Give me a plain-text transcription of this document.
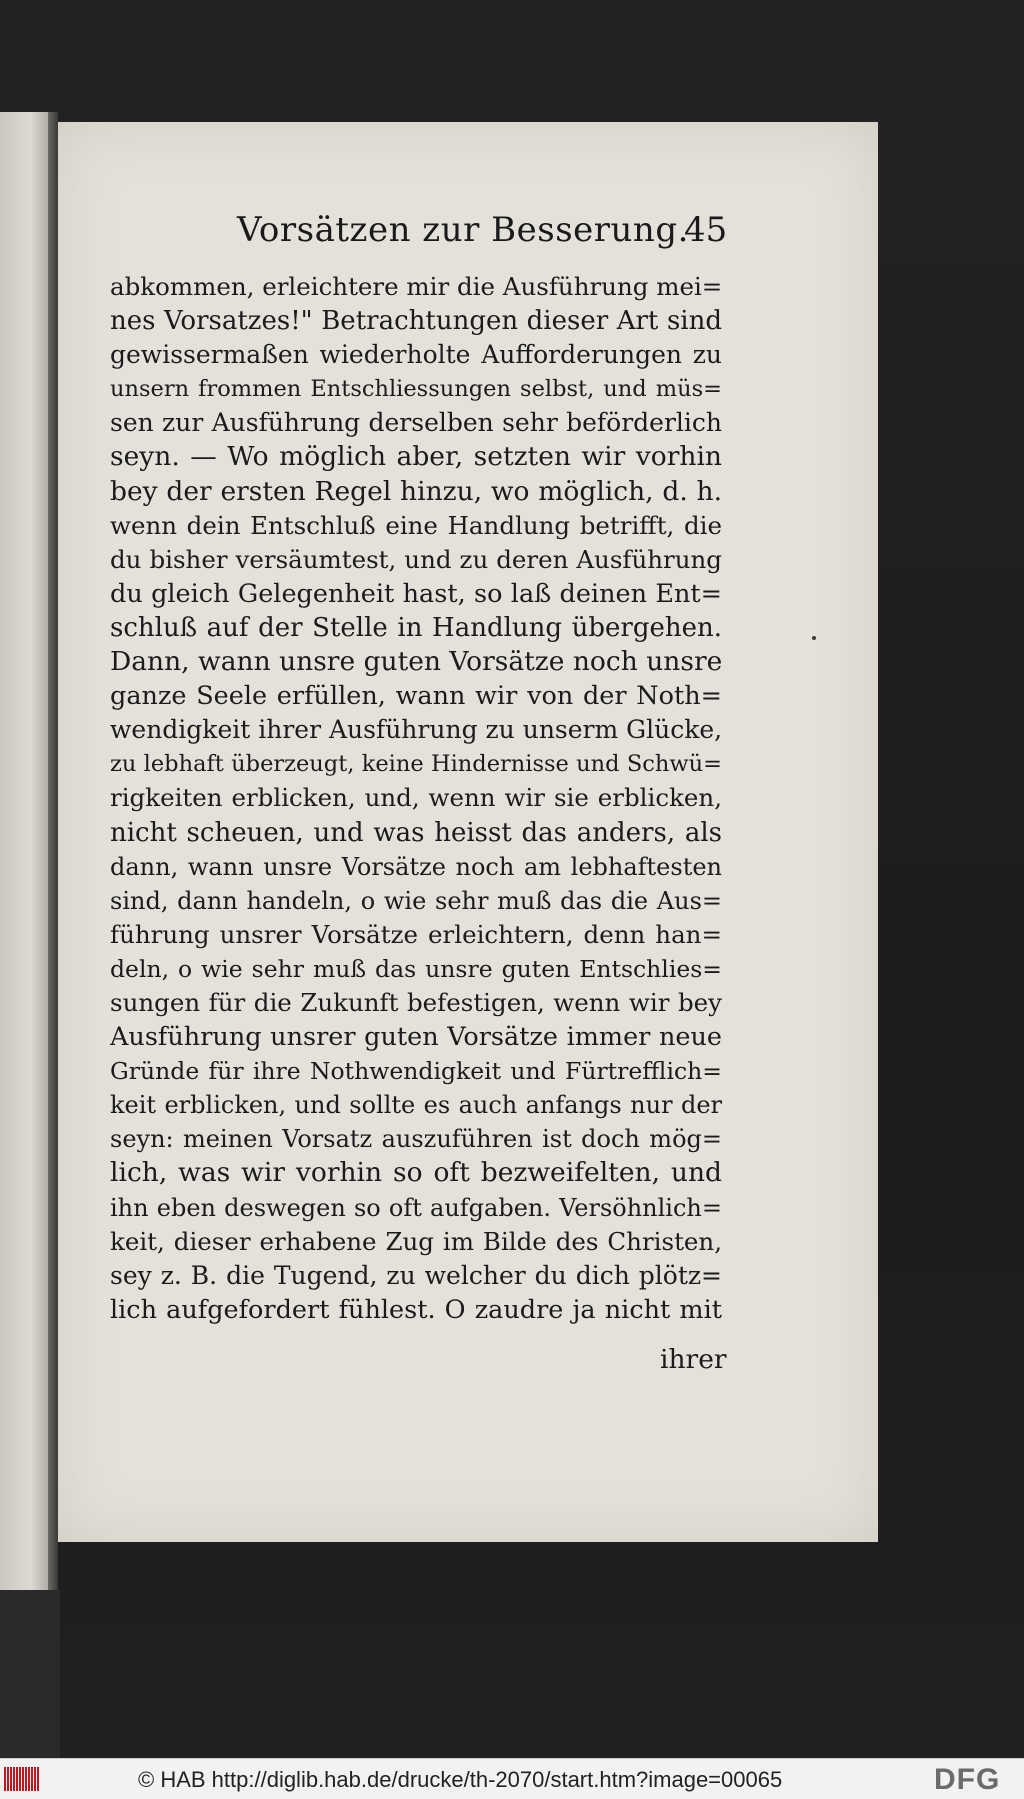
Vorsätzen zur Besserung.
45
abkommen, erleichtere mir die Ausführung mei=
nes Vorsatzes!" Betrachtungen dieser Art sind
gewissermaßen wiederholte Aufforderungen zu
unsern frommen Entschliessungen selbst, und müs=
sen zur Ausführung derselben sehr beförderlich
seyn. — Wo möglich aber, setzten wir vorhin
bey der ersten Regel hinzu, wo möglich, d. h.
wenn dein Entschluß eine Handlung betrifft, die
du bisher versäumtest, und zu deren Ausführung
du gleich Gelegenheit hast, so laß deinen Ent=
schluß auf der Stelle in Handlung übergehen.
Dann, wann unsre guten Vorsätze noch unsre
ganze Seele erfüllen, wann wir von der Noth=
wendigkeit ihrer Ausführung zu unserm Glücke,
zu lebhaft überzeugt, keine Hindernisse und Schwü=
rigkeiten erblicken, und, wenn wir sie erblicken,
nicht scheuen, und was heisst das anders, als
dann, wann unsre Vorsätze noch am lebhaftesten
sind, dann handeln, o wie sehr muß das die Aus=
führung unsrer Vorsätze erleichtern, denn han=
deln, o wie sehr muß das unsre guten Entschlies=
sungen für die Zukunft befestigen, wenn wir bey
Ausführung unsrer guten Vorsätze immer neue
Gründe für ihre Nothwendigkeit und Fürtrefflich=
keit erblicken, und sollte es auch anfangs nur der
seyn: meinen Vorsatz auszuführen ist doch mög=
lich, was wir vorhin so oft bezweifelten, und
ihn eben deswegen so oft aufgaben. Versöhnlich=
keit, dieser erhabene Zug im Bilde des Christen,
sey z. B. die Tugend, zu welcher du dich plötz=
lich aufgefordert fühlest. O zaudre ja nicht mit
ihrer
© HAB http://diglib.hab.de/drucke/th-2070/start.htm?image=00065	DFG
